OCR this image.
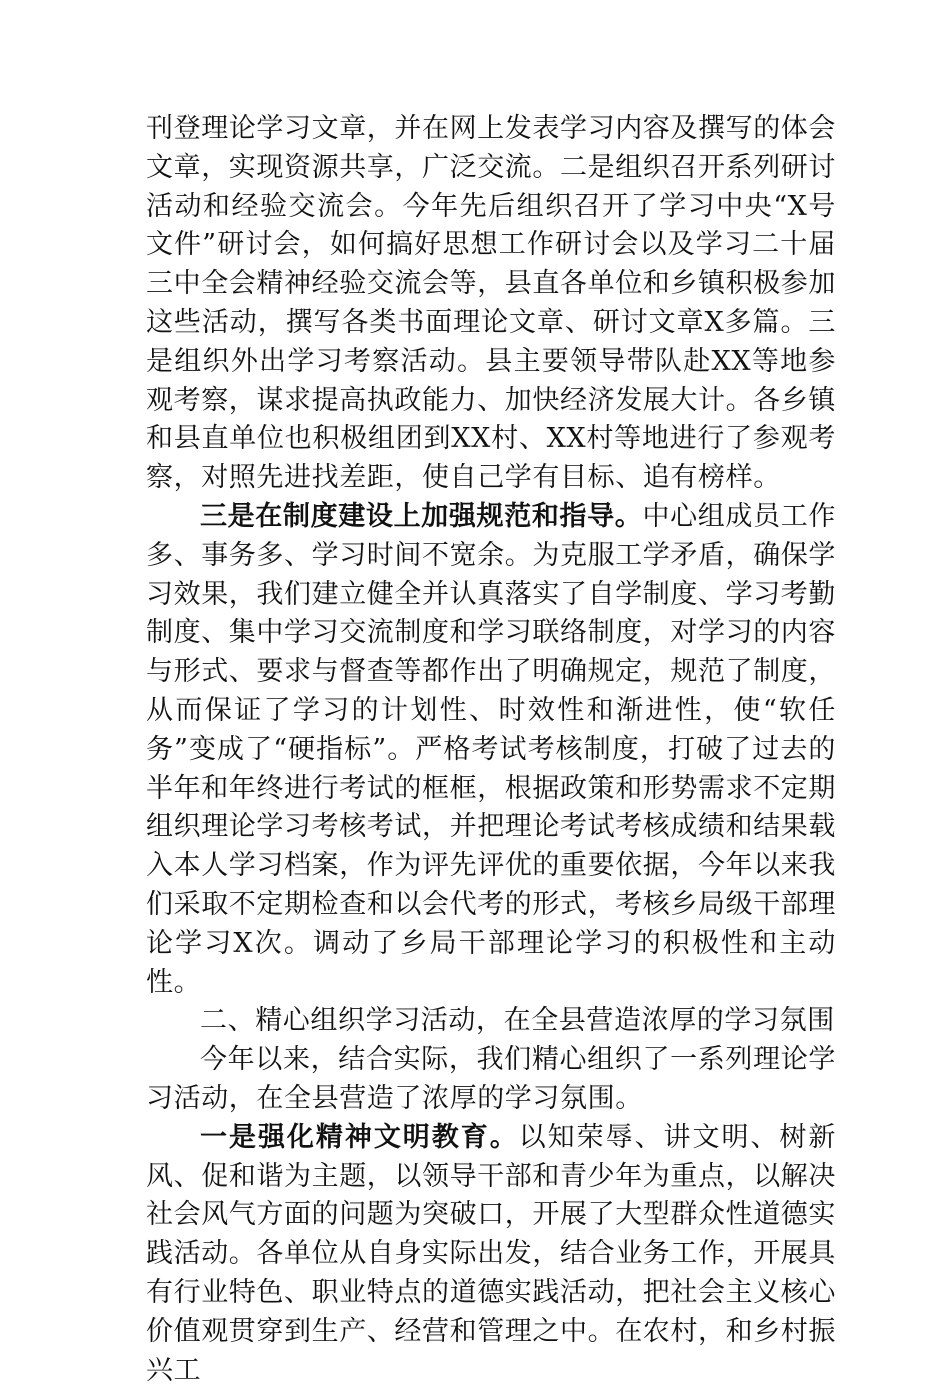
刊登理论学习文章，并在网上发表学习内容及撰写的体会文章，实现资源共享，广泛交流。二是组织召开系列研讨活动和经验交流会。今年先后组织召开了学习中央“X号文件”研讨会，如何搞好思想工作研讨会以及学习二十届三中全会精神经验交流会等，县直各单位和乡镇积极参加这些活动，撰写各类书面理论文章、研讨文章X多篇。三是组织外出学习考察活动。县主要领导带队赴XX等地参观考察，谋求提高执政能力、加快经济发展大计。各乡镇和县直单位也积极组团到XX村、XX村等地进行了参观考察，对照先进找差距，使自己学有目标、追有榜样。

三是在制度建设上加强规范和指导。中心组成员工作多、事务多、学习时间不宽余。为克服工学矛盾，确保学习效果，我们建立健全并认真落实了自学制度、学习考勤制度、集中学习交流制度和学习联络制度，对学习的内容与形式、要求与督查等都作出了明确规定，规范了制度，从而保证了学习的计划性、时效性和渐进性，使“软任务”变成了“硬指标”。严格考试考核制度，打破了过去的半年和年终进行考试的框框，根据政策和形势需求不定期组织理论学习考核考试，并把理论考试考核成绩和结果载入本人学习档案，作为评先评优的重要依据，今年以来我们采取不定期检查和以会代考的形式，考核乡局级干部理论学习X次。调动了乡局干部理论学习的积极性和主动性。

二、精心组织学习活动，在全县营造浓厚的学习氛围

今年以来，结合实际，我们精心组织了一系列理论学习活动，在全县营造了浓厚的学习氛围。

一是强化精神文明教育。以知荣辱、讲文明、树新风、促和谐为主题，以领导干部和青少年为重点，以解决社会风气方面的问题为突破口，开展了大型群众性道德实践活动。各单位从自身实际出发，结合业务工作，开展具有行业特色、职业特点的道德实践活动，把社会主义核心价值观贯穿到生产、经营和管理之中。在农村，和乡村振兴工
